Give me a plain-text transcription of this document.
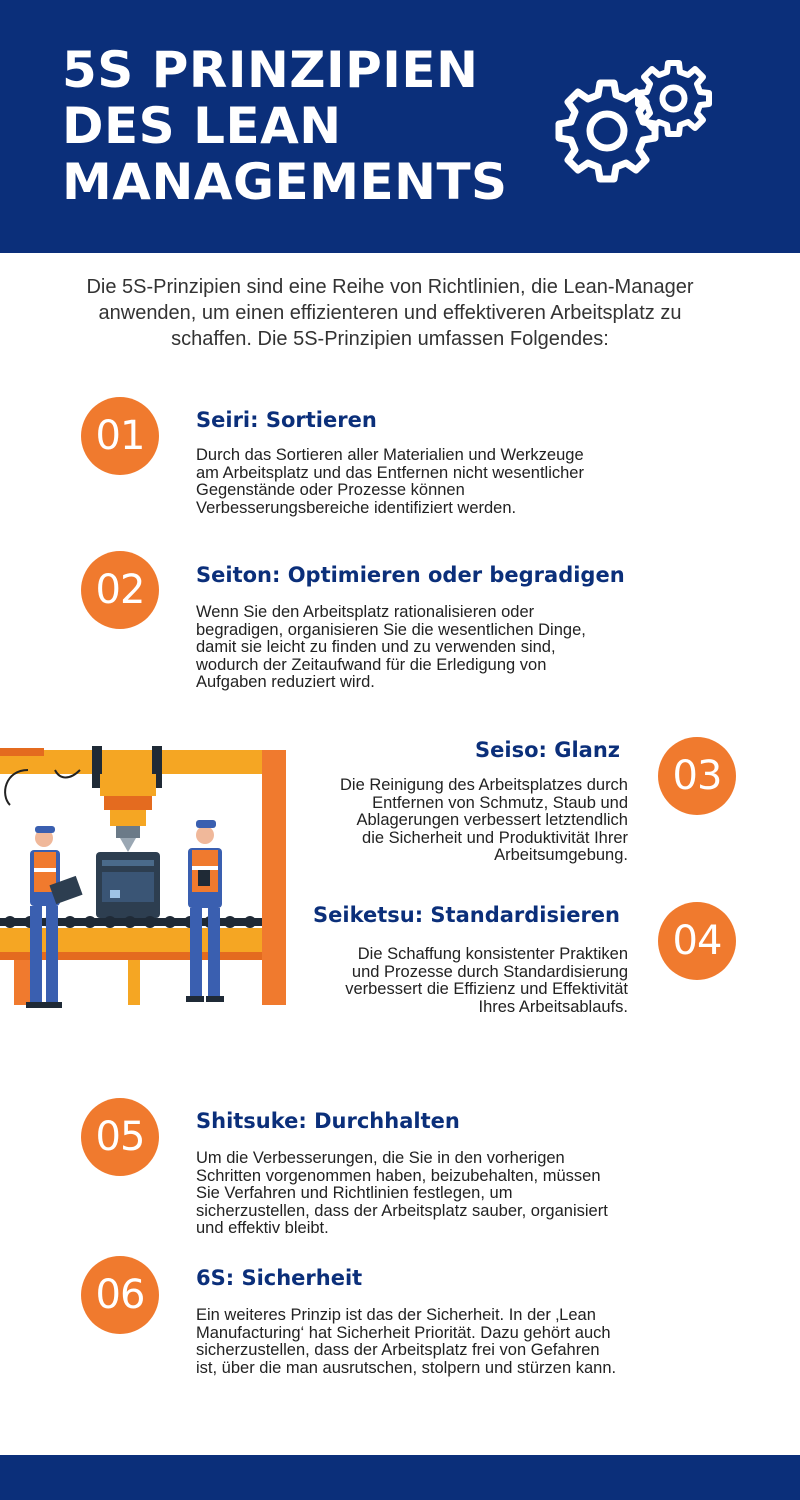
5S PRINZIPIEN
DES LEAN
MANAGEMENTS

Die 5S-Prinzipien sind eine Reihe von Richtlinien, die Lean-Manager anwenden, um einen effizienteren und effektiveren Arbeitsplatz zu schaffen. Die 5S-Prinzipien umfassen Folgendes:

01	Seiri: Sortieren

Durch das Sortieren aller Materialien und Werkzeuge am Arbeitsplatz und das Entfernen nicht wesentlicher Gegenstände oder Prozesse können Verbesserungsbereiche identifiziert werden.

02	Seiton: Optimieren oder begradigen

Wenn Sie den Arbeitsplatz rationalisieren oder begradigen, organisieren Sie die wesentlichen Dinge, damit sie leicht zu finden und zu verwenden sind, wodurch der Zeitaufwand für die Erledigung von Aufgaben reduziert wird.

Seiso: Glanz

Die Reinigung des Arbeitsplatzes durch Entfernen von Schmutz, Staub und Ablagerungen verbessert letztendlich die Sicherheit und Produktivität Ihrer Arbeitsumgebung.

03
Seiketsu: Standardisieren

Die Schaffung konsistenter Praktiken und Prozesse durch Standardisierung verbessert die Effizienz und Effektivität Ihres Arbeitsablaufs.

04
05	Shitsuke: Durchhalten

Um die Verbesserungen, die Sie in den vorherigen Schritten vorgenommen haben, beizubehalten, müssen Sie Verfahren und Richtlinien festlegen, um sicherzustellen, dass der Arbeitsplatz sauber, organisiert und effektiv bleibt.

06	6S: Sicherheit

Ein weiteres Prinzip ist das der Sicherheit. In der ‚Lean Manufacturing‘ hat Sicherheit Priorität. Dazu gehört auch sicherzustellen, dass der Arbeitsplatz frei von Gefahren ist, über die man ausrutschen, stolpern und stürzen kann.
